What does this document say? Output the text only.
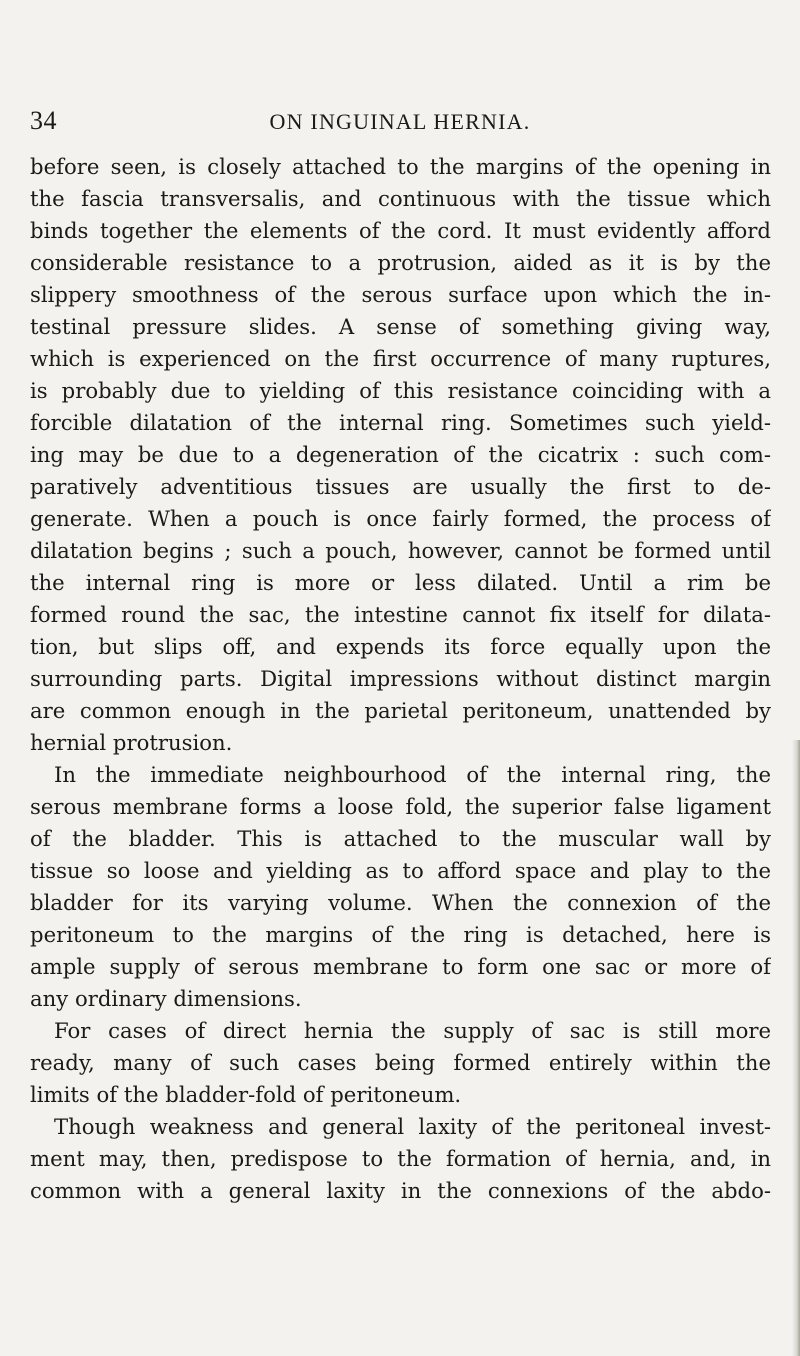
34	ON INGUINAL HERNIA.
before seen, is closely attached to the margins of the opening in
the fascia transversalis, and continuous with the tissue which
binds together the elements of the cord. It must evidently afford
considerable resistance to a protrusion, aided as it is by the
slippery smoothness of the serous surface upon which the in-
testinal pressure slides. A sense of something giving way,
which is experienced on the first occurrence of many ruptures,
is probably due to yielding of this resistance coinciding with a
forcible dilatation of the internal ring. Sometimes such yield-
ing may be due to a degeneration of the cicatrix : such com-
paratively adventitious tissues are usually the first to de-
generate. When a pouch is once fairly formed, the process of
dilatation begins ; such a pouch, however, cannot be formed until
the internal ring is more or less dilated. Until a rim be
formed round the sac, the intestine cannot fix itself for dilata-
tion, but slips off, and expends its force equally upon the
surrounding parts. Digital impressions without distinct margin
are common enough in the parietal peritoneum, unattended by
hernial protrusion.
In the immediate neighbourhood of the internal ring, the
serous membrane forms a loose fold, the superior false ligament
of the bladder. This is attached to the muscular wall by
tissue so loose and yielding as to afford space and play to the
bladder for its varying volume. When the connexion of the
peritoneum to the margins of the ring is detached, here is
ample supply of serous membrane to form one sac or more of
any ordinary dimensions.
For cases of direct hernia the supply of sac is still more
ready, many of such cases being formed entirely within the
limits of the bladder-fold of peritoneum.
Though weakness and general laxity of the peritoneal invest-
ment may, then, predispose to the formation of hernia, and, in
common with a general laxity in the connexions of the abdo-
